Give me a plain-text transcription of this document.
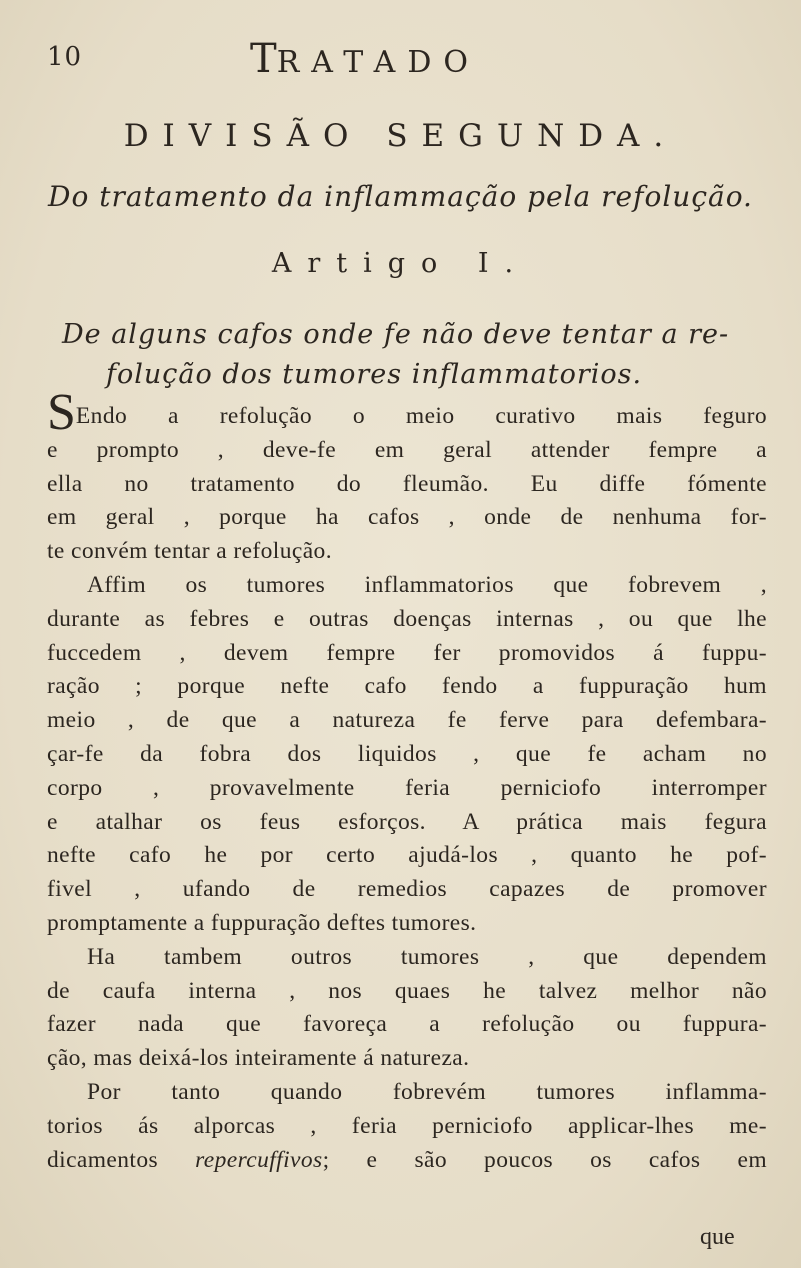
10	TRATADO
DIVISÃO SEGUNDA.
Do tratamento da inflammação pela refolução.
Artigo I.
De alguns cafos onde fe não deve tentar a re-
folução dos tumores inflammatorios.
SEndo a refolução o meio curativo mais feguro
e prompto , deve-fe em geral attender fempre a
ella no tratamento do fleumão. Eu diffe fómente
em geral , porque ha cafos , onde de nenhuma for-
te convém tentar a refolução.
Affim os tumores inflammatorios que fobrevem ,
durante as febres e outras doenças internas , ou que lhe
fuccedem , devem fempre fer promovidos á fuppu-
ração ; porque nefte cafo fendo a fuppuração hum
meio , de que a natureza fe ferve para defembara-
çar-fe da fobra dos liquidos , que fe acham no
corpo , provavelmente feria perniciofo interromper
e atalhar os feus esforços. A prática mais fegura
nefte cafo he por certo ajudá-los , quanto he pof-
fivel , ufando de remedios capazes de promover
promptamente a fuppuração deftes tumores.
Ha tambem outros tumores , que dependem
de caufa interna , nos quaes he talvez melhor não
fazer nada que favoreça a refolução ou fuppura-
ção, mas deixá-los inteiramente á natureza.
Por tanto quando fobrevém tumores inflamma-
torios ás alporcas , feria perniciofo applicar-lhes me-
dicamentos repercuffivos; e são poucos os cafos em
que
